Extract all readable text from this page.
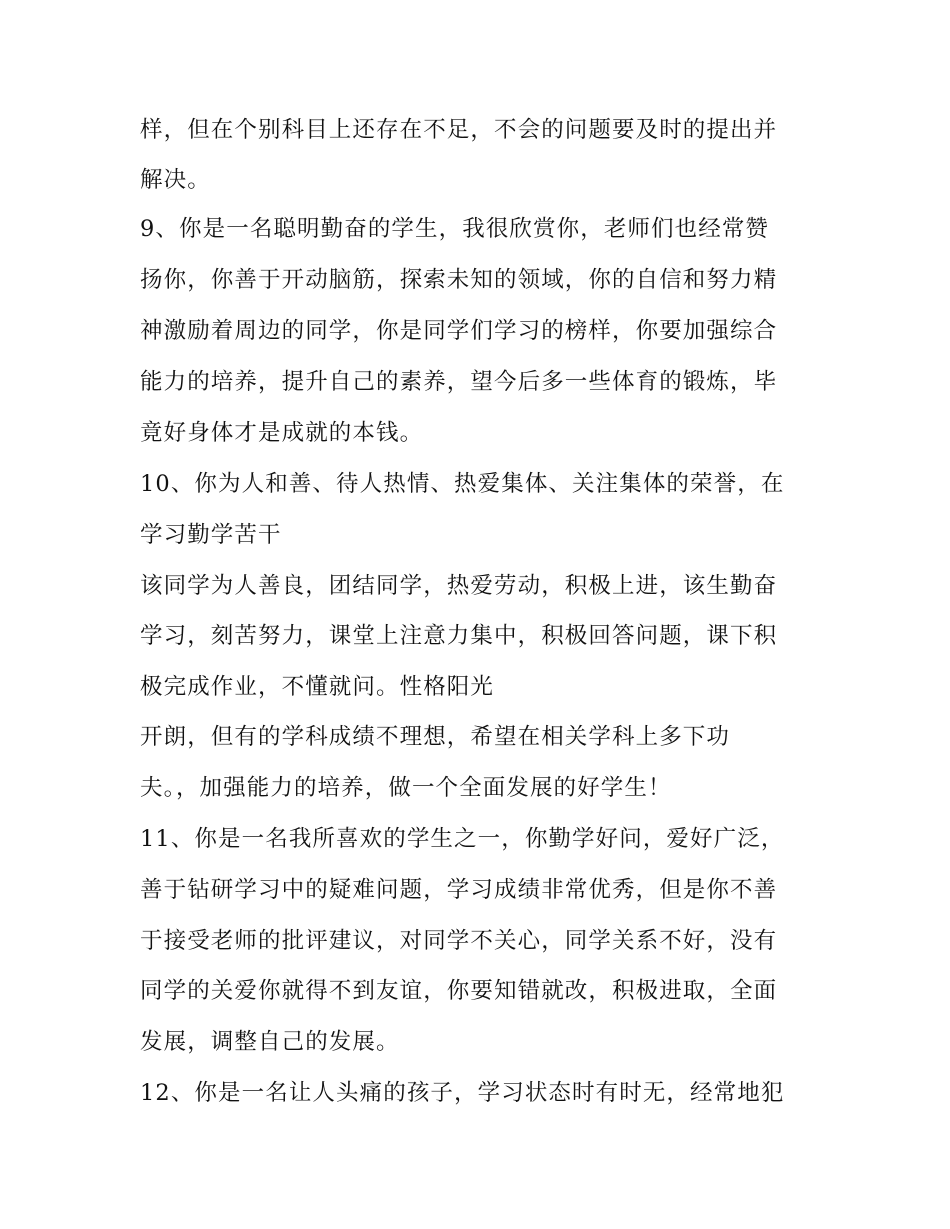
样，但在个别科目上还存在不足，不会的问题要及时的提出并
解决。
9、你是一名聪明勤奋的学生，我很欣赏你，老师们也经常赞
扬你，你善于开动脑筋，探索未知的领域，你的自信和努力精
神激励着周边的同学，你是同学们学习的榜样，你要加强综合
能力的培养，提升自己的素养，望今后多一些体育的锻炼，毕
竟好身体才是成就的本钱。
10、你为人和善、待人热情、热爱集体、关注集体的荣誉，在
学习勤学苦干
该同学为人善良，团结同学，热爱劳动，积极上进，该生勤奋
学习，刻苦努力，课堂上注意力集中，积极回答问题，课下积
极完成作业，不懂就问。性格阳光
开朗，但有的学科成绩不理想，希望在相关学科上多下功
夫。，加强能力的培养，做一个全面发展的好学生！
11、你是一名我所喜欢的学生之一，你勤学好问，爱好广泛，
善于钻研学习中的疑难问题，学习成绩非常优秀，但是你不善
于接受老师的批评建议，对同学不关心，同学关系不好，没有
同学的关爱你就得不到友谊，你要知错就改，积极进取，全面
发展，调整自己的发展。
12、你是一名让人头痛的孩子，学习状态时有时无，经常地犯
